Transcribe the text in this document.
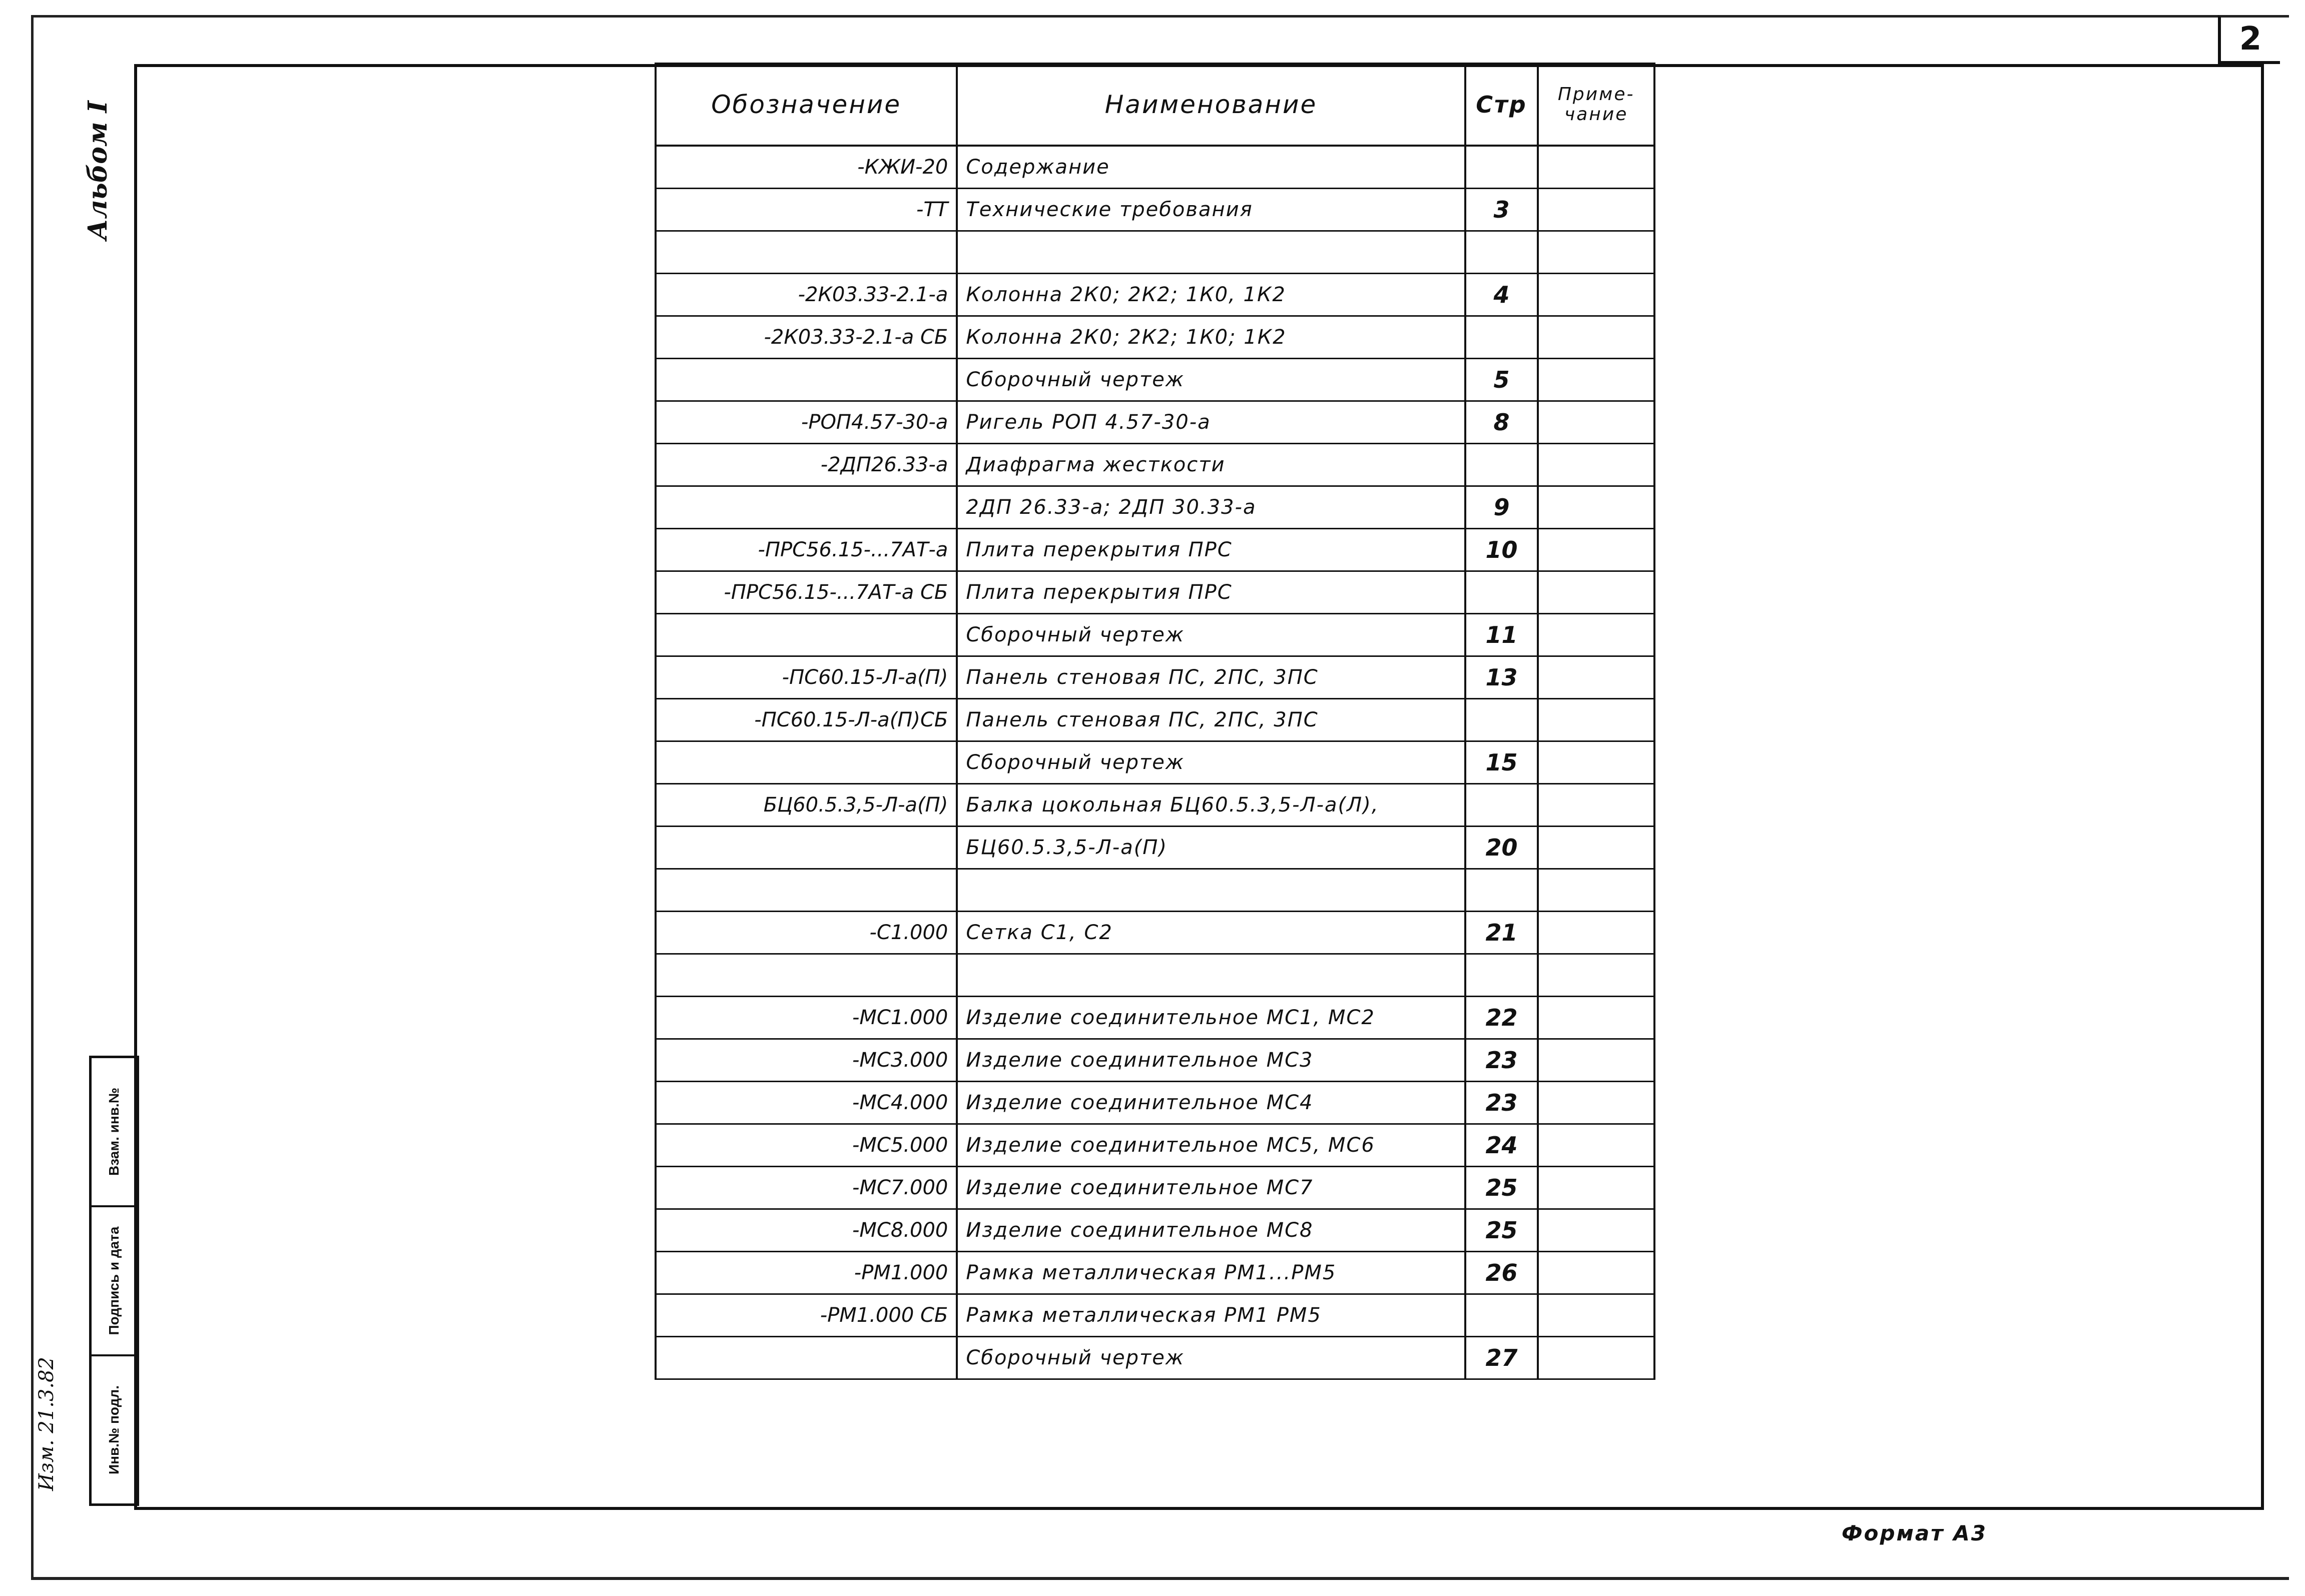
2
Альбом I
Инв.№ подл.
Подпись и дата
Взам. инв.№
Изм. 21.3.82
Обозначение	Наименование	Стр	Приме- чание
-КЖИ-20	Содержание		
-ТТ	Технические требования	3	

-2К03.33-2.1-а	Колонна 2К0; 2К2; 1К0, 1К2	4	
-2К03.33-2.1-а СБ	Колонна 2К0; 2К2; 1К0; 1К2		
	Сборочный чертеж	5	
-РОП4.57-30-а	Ригель РОП 4.57-30-а	8	
-2ДП26.33-а	Диафрагма жесткости		
	2ДП 26.33-а; 2ДП 30.33-а	9	
-ПРС56.15-...7АТ-а	Плита перекрытия ПРС	10	
-ПРС56.15-...7АТ-а СБ	Плита перекрытия ПРС		
	Сборочный чертеж	11	
-ПС60.15-Л-а(П)	Панель стеновая ПС, 2ПС, 3ПС	13	
-ПС60.15-Л-а(П)СБ	Панель стеновая ПС, 2ПС, 3ПС		
	Сборочный чертеж	15	
БЦ60.5.3,5-Л-а(П)	Балка цокольная БЦ60.5.3,5-Л-а(Л),		
	БЦ60.5.3,5-Л-а(П)	20	

-С1.000	Сетка С1, С2	21	

-МС1.000	Изделие соединительное МС1, МС2	22	
-МС3.000	Изделие соединительное МС3	23	
-МС4.000	Изделие соединительное МС4	23	
-МС5.000	Изделие соединительное МС5, МС6	24	
-МС7.000	Изделие соединительное МС7	25	
-МС8.000	Изделие соединительное МС8	25	
-РМ1.000	Рамка металлическая РМ1...РМ5	26	
-РМ1.000 СБ	Рамка металлическая РМ1 РМ5		
	Сборочный чертеж	27	
Формат А3
